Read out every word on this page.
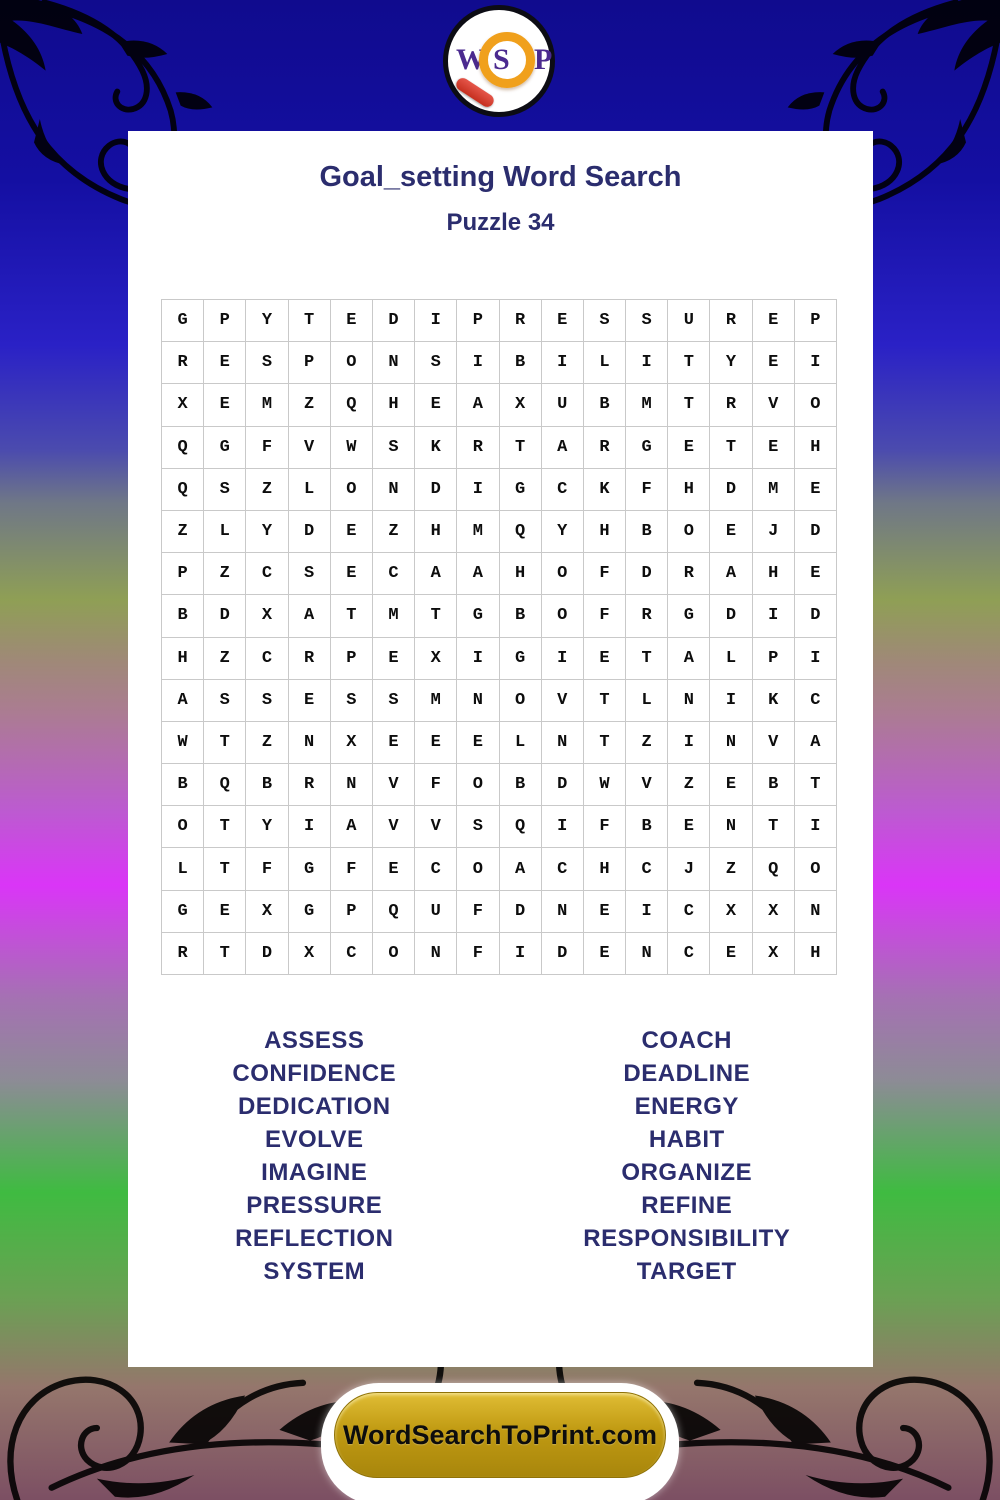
W S P
Goal_setting Word Search
Puzzle 34
G	P	Y	T	E	D	I	P	R	E	S	S	U	R	E	P
R	E	S	P	O	N	S	I	B	I	L	I	T	Y	E	I
X	E	M	Z	Q	H	E	A	X	U	B	M	T	R	V	O
Q	G	F	V	W	S	K	R	T	A	R	G	E	T	E	H
Q	S	Z	L	O	N	D	I	G	C	K	F	H	D	M	E
Z	L	Y	D	E	Z	H	M	Q	Y	H	B	O	E	J	D
P	Z	C	S	E	C	A	A	H	O	F	D	R	A	H	E
B	D	X	A	T	M	T	G	B	O	F	R	G	D	I	D
H	Z	C	R	P	E	X	I	G	I	E	T	A	L	P	I
A	S	S	E	S	S	M	N	O	V	T	L	N	I	K	C
W	T	Z	N	X	E	E	E	L	N	T	Z	I	N	V	A
B	Q	B	R	N	V	F	O	B	D	W	V	Z	E	B	T
O	T	Y	I	A	V	V	S	Q	I	F	B	E	N	T	I
L	T	F	G	F	E	C	O	A	C	H	C	J	Z	Q	O
G	E	X	G	P	Q	U	F	D	N	E	I	C	X	X	N
R	T	D	X	C	O	N	F	I	D	E	N	C	E	X	H
ASSESS
CONFIDENCE
DEDICATION
EVOLVE
IMAGINE
PRESSURE
REFLECTION
SYSTEM
COACH
DEADLINE
ENERGY
HABIT
ORGANIZE
REFINE
RESPONSIBILITY
TARGET
WordSearchToPrint.com
